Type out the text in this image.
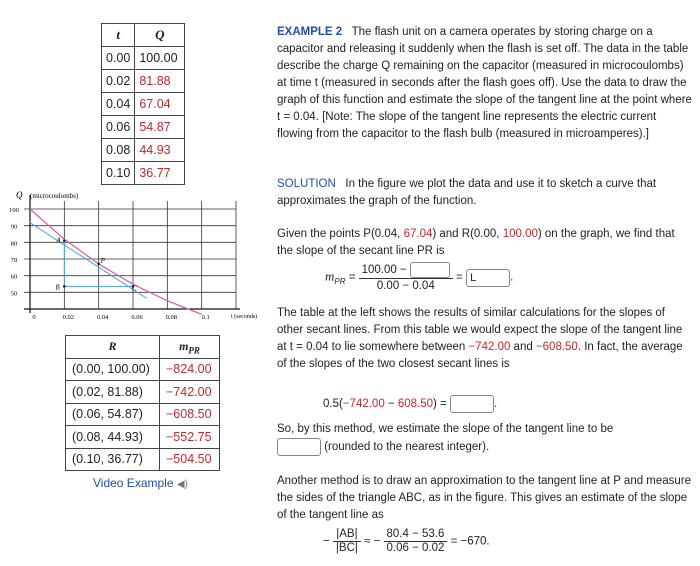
t	Q
0.00	100.00
0.02	81.88
0.04	67.04
0.06	54.87
0.08	44.93
0.10	36.77
100
90
80
70
60
50
0	0.02	0.04	0.06	0.08	0.1
Q (microcoulombs)
t (seconds)
A
P
B	C
R	$m_{PR}$
(0.00, 100.00)	−824.00
(0.02, 81.88)	−742.00
(0.06, 54.87)	−608.50
(0.08, 44.93)	−552.75
(0.10, 36.77)	−504.50
Video Example ◀)
EXAMPLE 2 The flash unit on a camera operates by storing charge on a capacitor and releasing it suddenly when the flash is set off. The data in the table describe the charge Q remaining on the capacitor (measured in microcoulombs) at time t (measured in seconds after the flash goes off). Use the data to draw the graph of this function and estimate the slope of the tangent line at the point where t = 0.04. [Note: The slope of the tangent line represents the electric current flowing from the capacitor to the flash bulb (measured in microamperes).]
SOLUTION In the figure we plot the data and use it to sketch a curve that approximates the graph of the function.
Given the points P(0.04, 67.04) and R(0.00, 100.00) on the graph, we find that the slope of the secant line PR is
$m_{PR} = \frac{100.00 -}{0.00 - 0.04} = L$	.
The table at the left shows the results of similar calculations for the slopes of other secant lines. From this table we would expect the slope of the tangent line at t = 0.04 to lie somewhere between −742.00 and −608.50. In fact, the average of the slopes of the two closest secant lines is
0.5(−742.00 − 608.50) =	.
So, by this method, we estimate the slope of the tangent line to be
(rounded to the nearest integer).
Another method is to draw an approximation to the tangent line at P and measure the sides of the triangle ABC, as in the figure. This gives an estimate of the slope of the tangent line as
− $\frac{|AB|}{|BC|}$ ≈ − $\frac{80.4 - 53.6}{0.06 - 0.02} = -670$.
